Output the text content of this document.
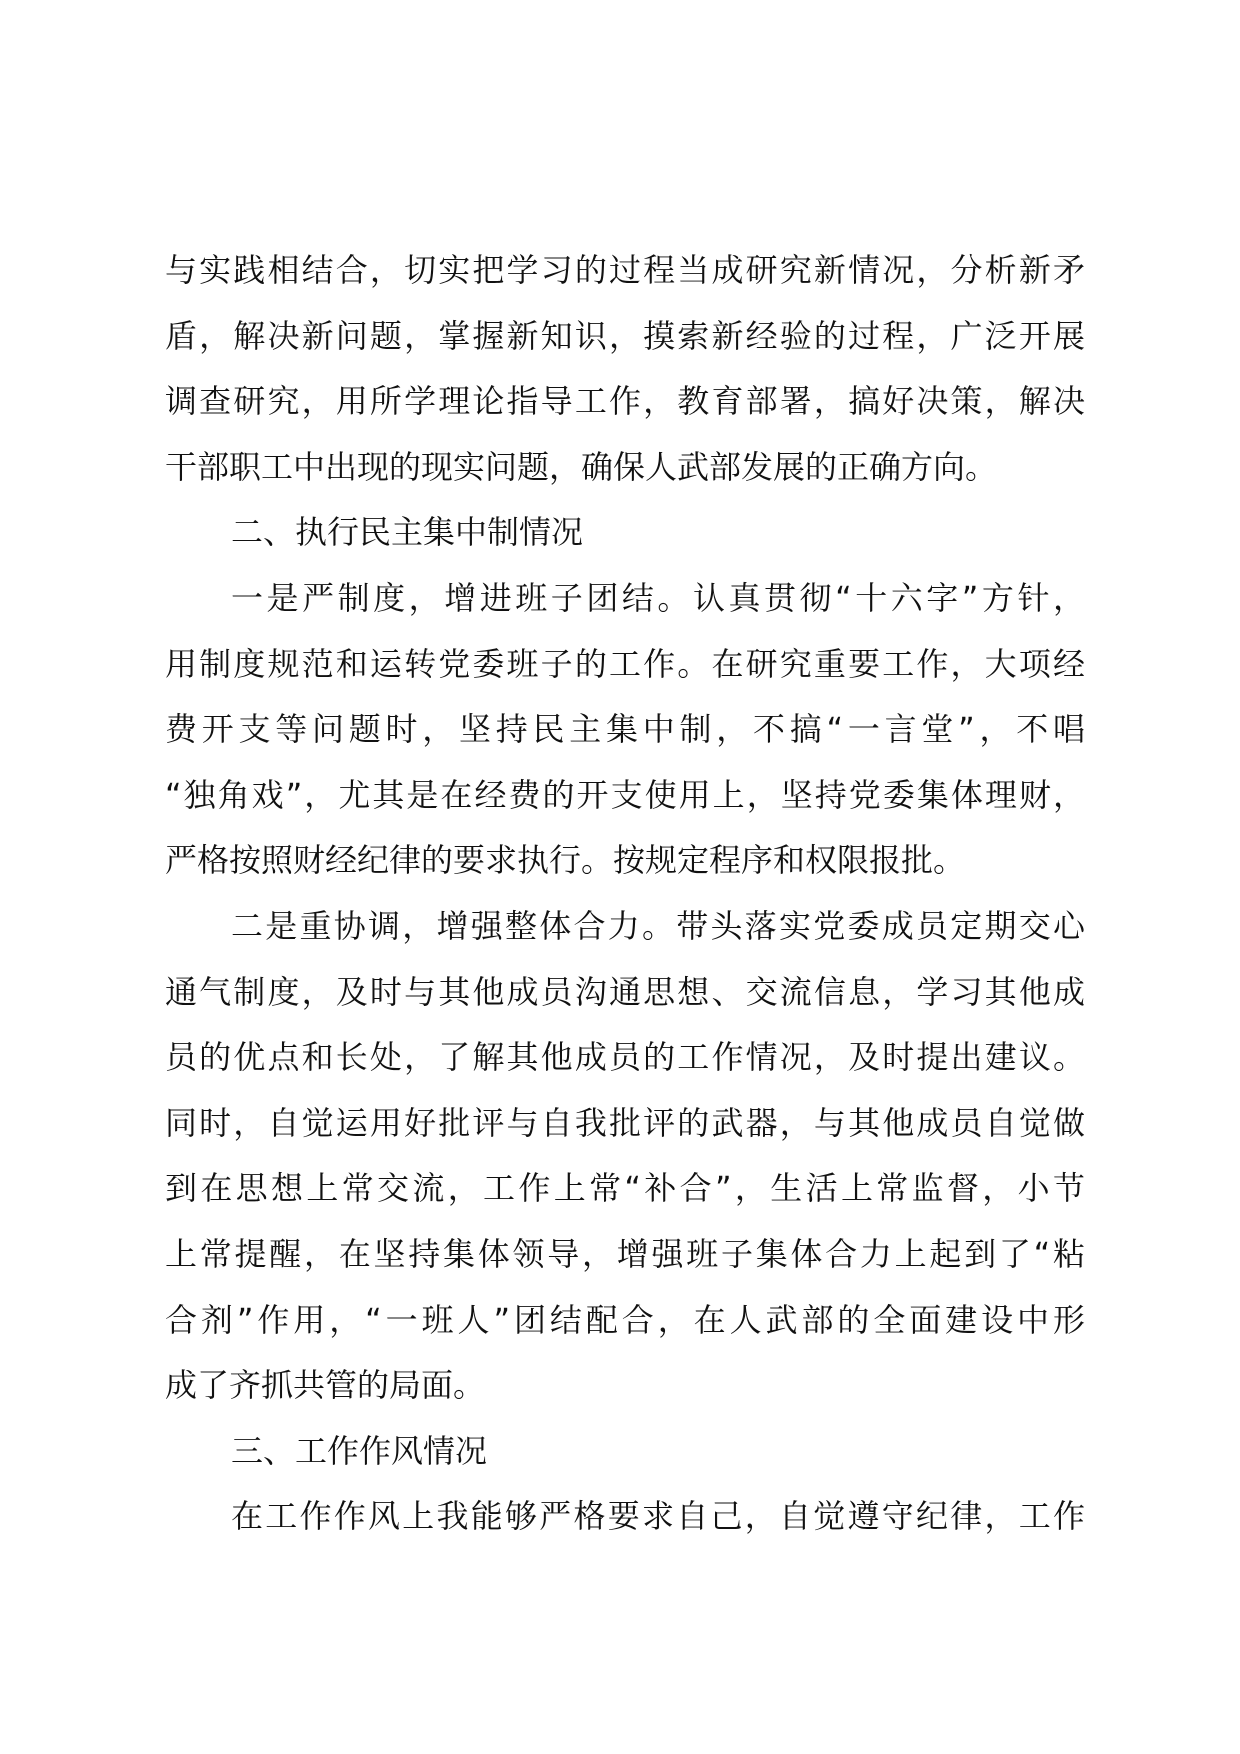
与实践相结合，切实把学习的过程当成研究新情况，分析新矛
盾，解决新问题，掌握新知识，摸索新经验的过程，广泛开展
调查研究，用所学理论指导工作，教育部署，搞好决策，解决
干部职工中出现的现实问题，确保人武部发展的正确方向。
二、执行民主集中制情况
一是严制度，增进班子团结。认真贯彻“十六字”方针，
用制度规范和运转党委班子的工作。在研究重要工作，大项经
费开支等问题时，坚持民主集中制，不搞“一言堂”，不唱
“独角戏”，尤其是在经费的开支使用上，坚持党委集体理财，
严格按照财经纪律的要求执行。按规定程序和权限报批。
二是重协调，增强整体合力。带头落实党委成员定期交心
通气制度，及时与其他成员沟通思想、交流信息，学习其他成
员的优点和长处，了解其他成员的工作情况，及时提出建议。
同时，自觉运用好批评与自我批评的武器，与其他成员自觉做
到在思想上常交流，工作上常“补合”，生活上常监督，小节
上常提醒，在坚持集体领导，增强班子集体合力上起到了“粘
合剂”作用，“一班人”团结配合，在人武部的全面建设中形
成了齐抓共管的局面。
三、工作作风情况
在工作作风上我能够严格要求自己，自觉遵守纪律，工作
